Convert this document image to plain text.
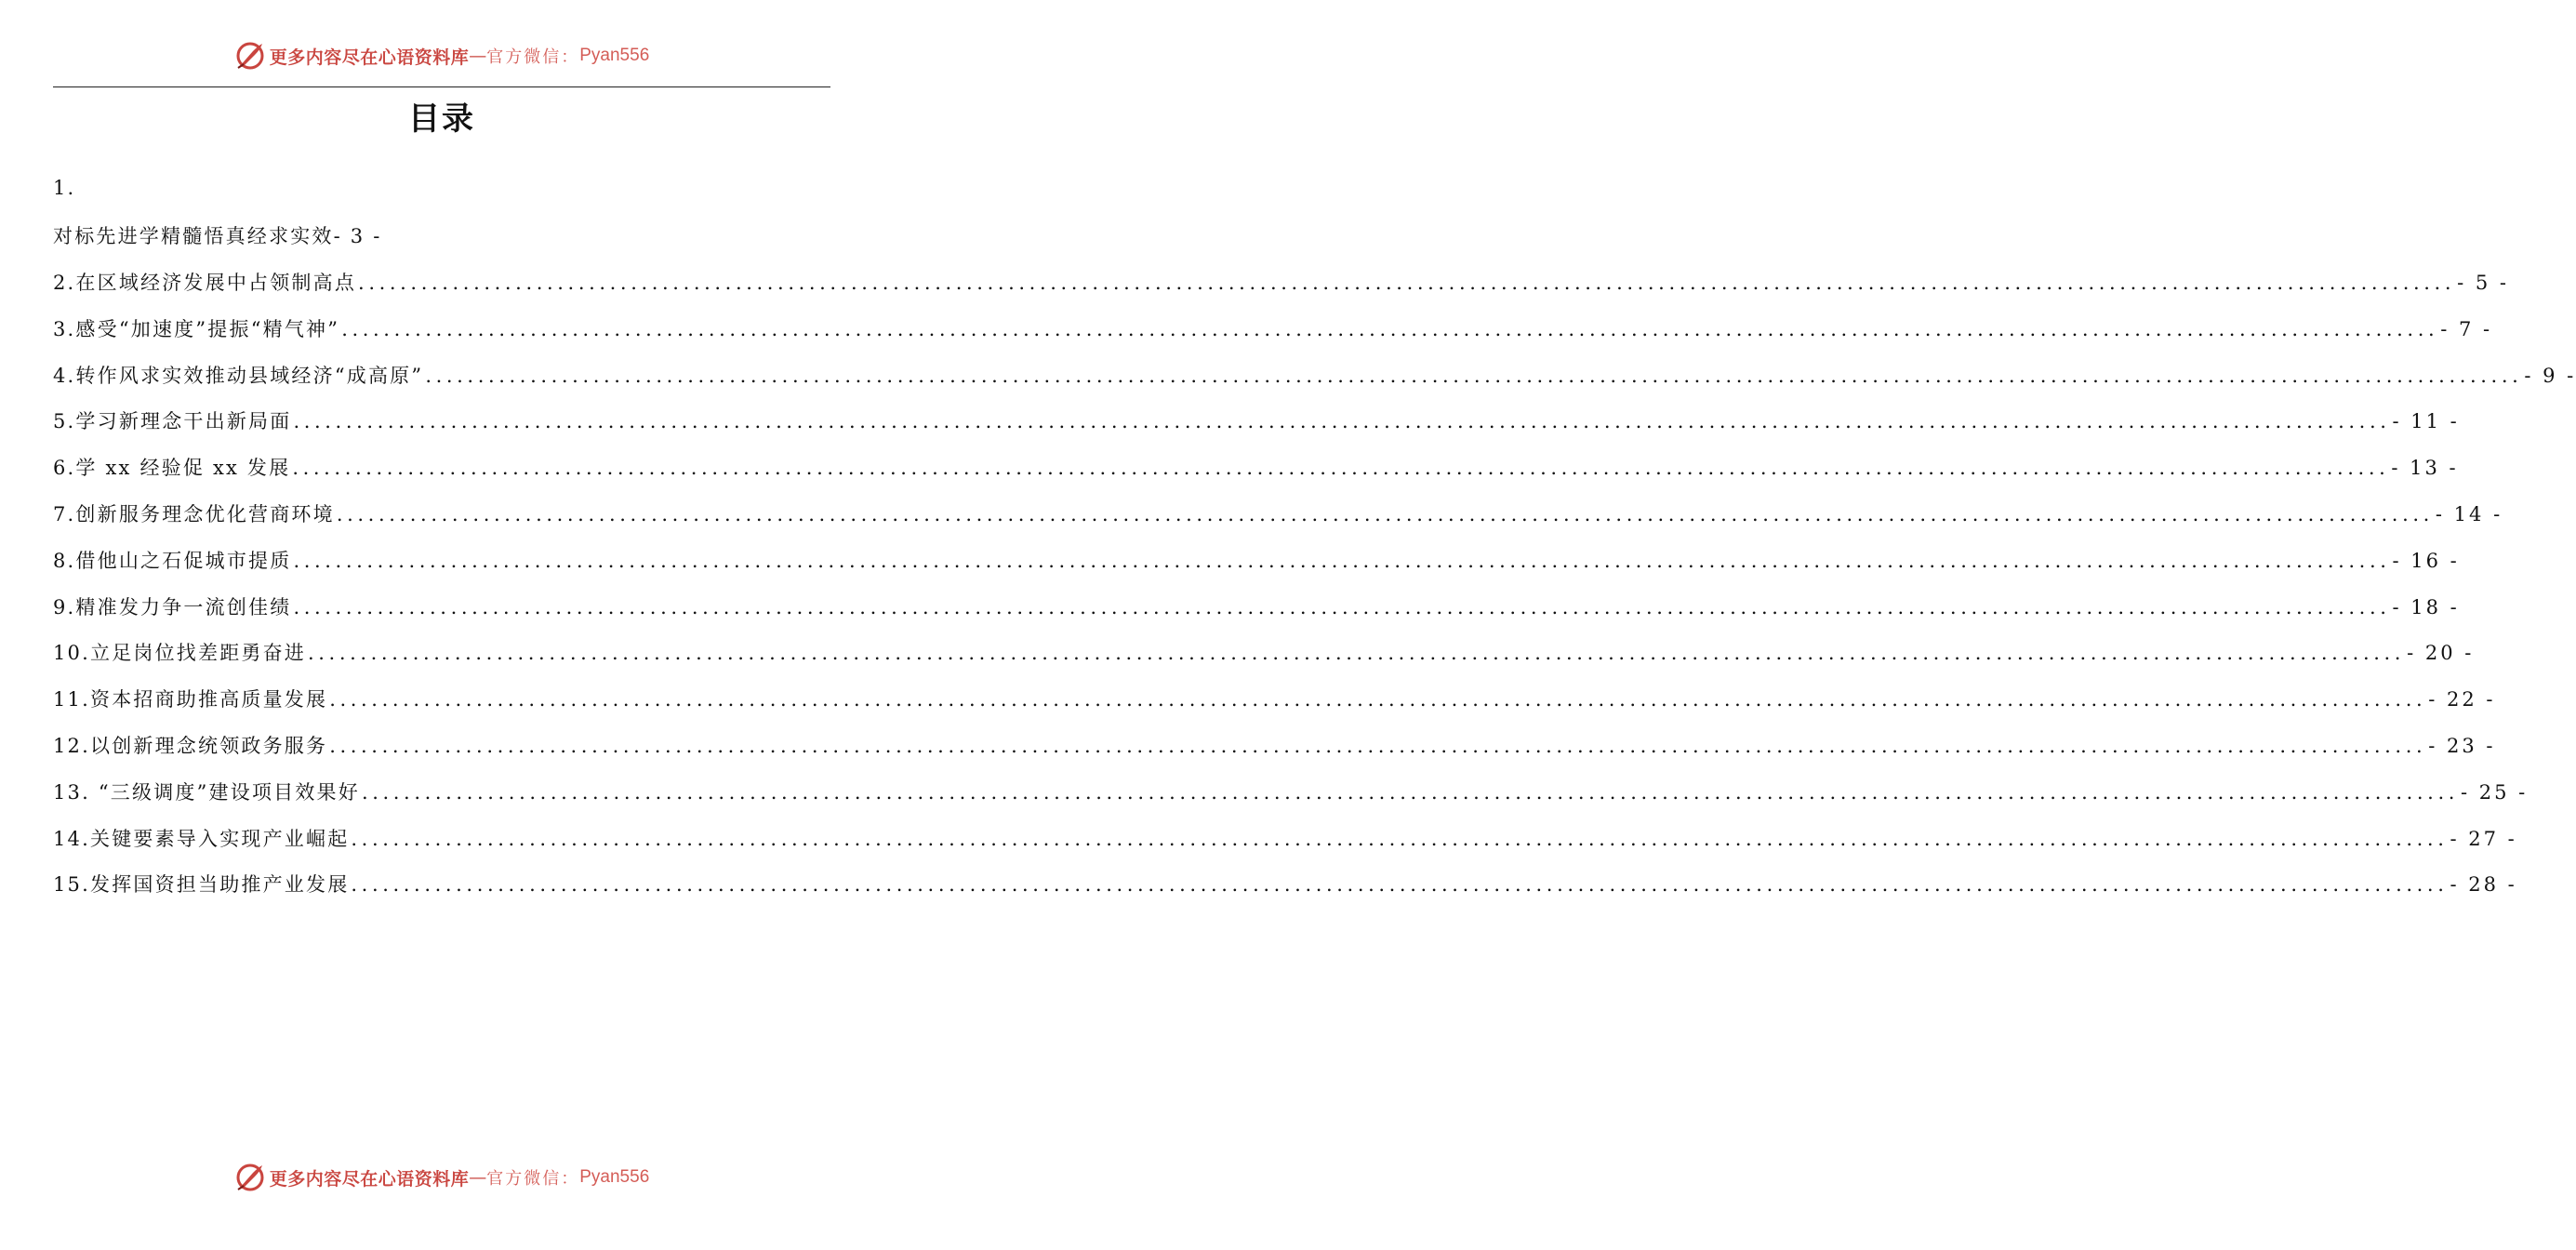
更多内容尽在心语资料库 — 官方微信： Pyan556
目录
1.
对标先进学精髓悟真经求实效- 3 -
2.在区域经济发展中占领制高点 ........................................................................................................................................................................................................ - 5 -
3.感受“加速度”提振“精气神” ........................................................................................................................................................................................................ - 7 -
4.转作风求实效推动县域经济“成高原” ........................................................................................................................................................................................................ - 9 -
5.学习新理念干出新局面 ........................................................................................................................................................................................................ - 11 -
6.学 xx 经验促 xx 发展 ........................................................................................................................................................................................................ - 13 -
7.创新服务理念优化营商环境 ........................................................................................................................................................................................................ - 14 -
8.借他山之石促城市提质 ........................................................................................................................................................................................................ - 16 -
9.精准发力争一流创佳绩 ........................................................................................................................................................................................................ - 18 -
10.立足岗位找差距勇奋进 ........................................................................................................................................................................................................ - 20 -
11.资本招商助推高质量发展 ........................................................................................................................................................................................................ - 22 -
12.以创新理念统领政务服务 ........................................................................................................................................................................................................ - 23 -
13. “三级调度”建设项目效果好 ........................................................................................................................................................................................................ - 25 -
14.关键要素导入实现产业崛起 ........................................................................................................................................................................................................ - 27 -
15.发挥国资担当助推产业发展 ........................................................................................................................................................................................................ - 28 -
更多内容尽在心语资料库 — 官方微信： Pyan556
